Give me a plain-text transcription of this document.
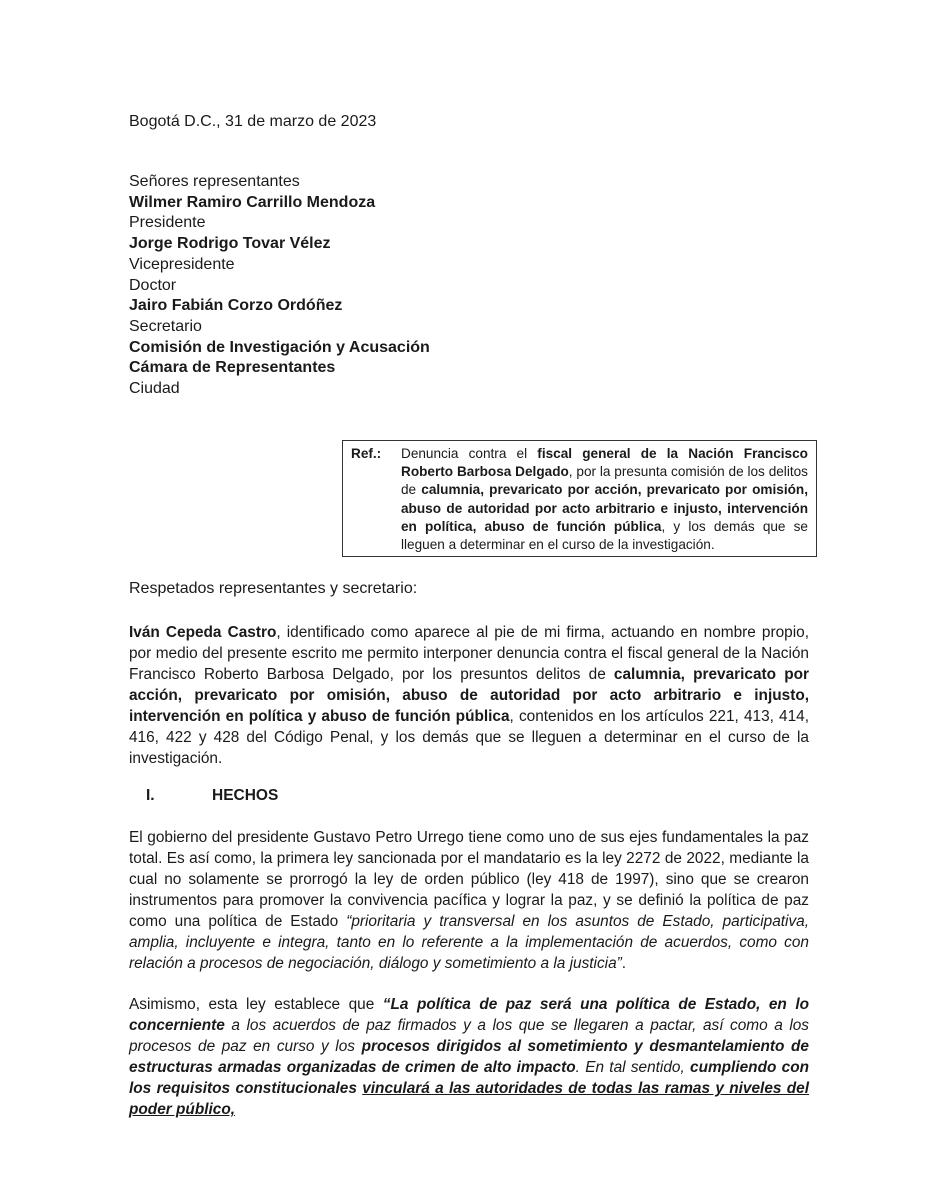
Bogotá D.C., 31 de marzo de 2023
Señores representantes
Wilmer Ramiro Carrillo Mendoza
Presidente
Jorge Rodrigo Tovar Vélez
Vicepresidente
Doctor
Jairo Fabián Corzo Ordóñez
Secretario
Comisión de Investigación y Acusación
Cámara de Representantes
Ciudad
Ref.:	Denuncia contra el fiscal general de la Nación Francisco Roberto Barbosa Delgado, por la presunta comisión de los delitos de calumnia, prevaricato por acción, prevaricato por omisión, abuso de autoridad por acto arbitrario e injusto, intervención en política, abuso de función pública, y los demás que se lleguen a determinar en el curso de la investigación.
Respetados representantes y secretario:
Iván Cepeda Castro, identificado como aparece al pie de mi firma, actuando en nombre propio, por medio del presente escrito me permito interponer denuncia contra el fiscal general de la Nación Francisco Roberto Barbosa Delgado, por los presuntos delitos de calumnia, prevaricato por acción, prevaricato por omisión, abuso de autoridad por acto arbitrario e injusto, intervención en política y abuso de función pública, contenidos en los artículos 221, 413, 414, 416, 422 y 428 del Código Penal, y los demás que se lleguen a determinar en el curso de la investigación.
I.	HECHOS
El gobierno del presidente Gustavo Petro Urrego tiene como uno de sus ejes fundamentales la paz total. Es así como, la primera ley sancionada por el mandatario es la ley 2272 de 2022, mediante la cual no solamente se prorrogó la ley de orden público (ley 418 de 1997), sino que se crearon instrumentos para promover la convivencia pacífica y lograr la paz, y se definió la política de paz como una política de Estado “prioritaria y transversal en los asuntos de Estado, participativa, amplia, incluyente e integra, tanto en lo referente a la implementación de acuerdos, como con relación a procesos de negociación, diálogo y sometimiento a la justicia”.
Asimismo, esta ley establece que “La política de paz será una política de Estado, en lo concerniente a los acuerdos de paz firmados y a los que se llegaren a pactar, así como a los procesos de paz en curso y los procesos dirigidos al sometimiento y desmantelamiento de estructuras armadas organizadas de crimen de alto impacto. En tal sentido, cumpliendo con los requisitos constitucionales vinculará a las autoridades de todas las ramas y niveles del poder público,
